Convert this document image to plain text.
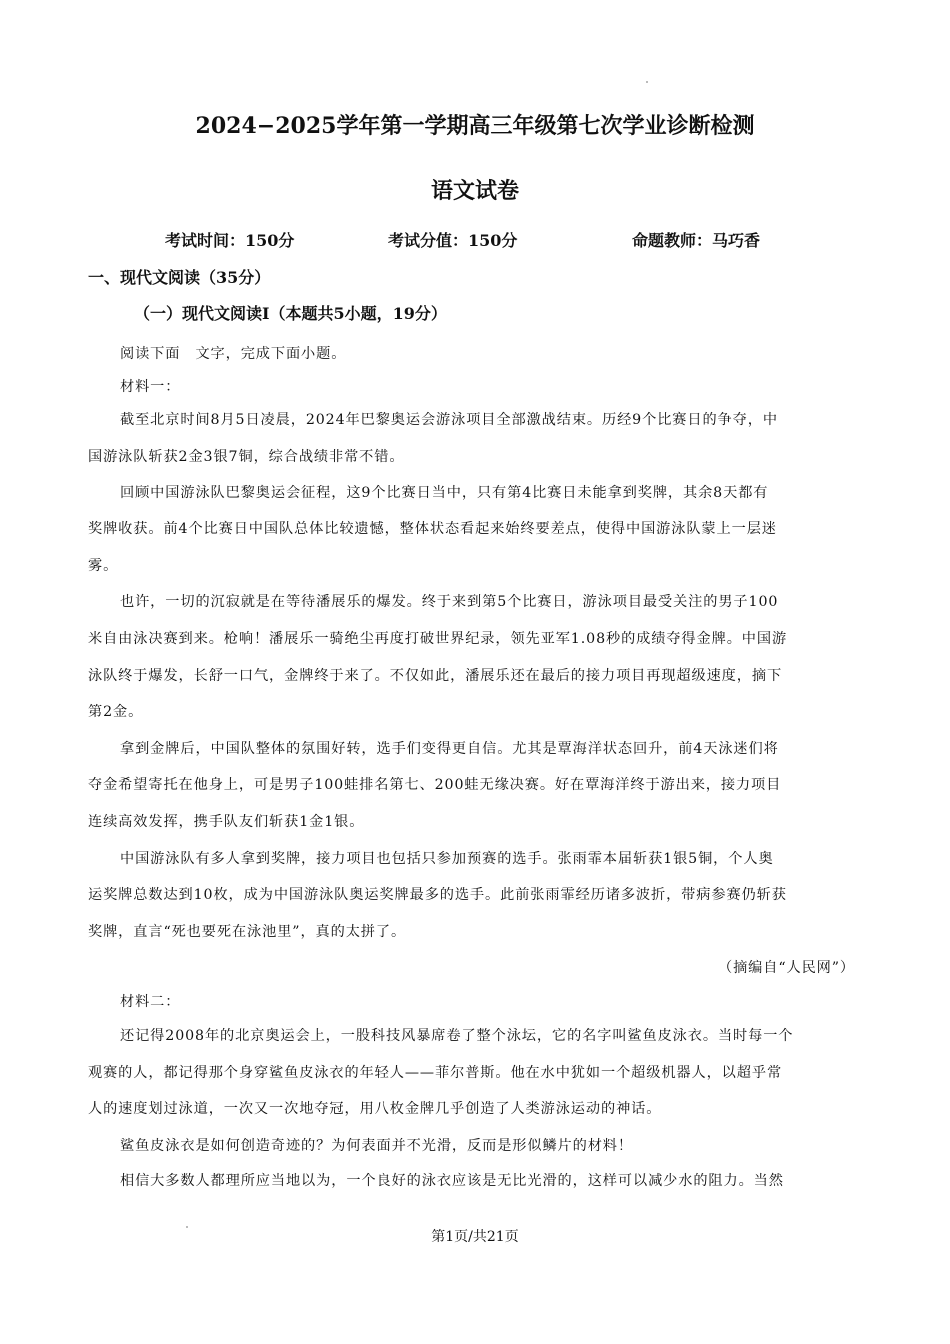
2024−2025学年第一学期高三年级第七次学业诊断检测
语文试卷
考试时间：150分	考试分值：150分	命题教师：马巧香
一、现代文阅读（35分）
（一）现代文阅读Ⅰ（本题共5小题，19分）
阅读下面　文字，完成下面小题。
材料一：
截至北京时间8月5日凌晨，2024年巴黎奥运会游泳项目全部激战结束。历经9个比赛日的争夺，中
国游泳队斩获2金3银7铜，综合战绩非常不错。
回顾中国游泳队巴黎奥运会征程，这9个比赛日当中，只有第4比赛日未能拿到奖牌，其余8天都有
奖牌收获。前4个比赛日中国队总体比较遗憾，整体状态看起来始终要差点，使得中国游泳队蒙上一层迷
雾。
也许，一切的沉寂就是在等待潘展乐的爆发。终于来到第5个比赛日，游泳项目最受关注的男子100
米自由泳决赛到来。枪响！潘展乐一骑绝尘再度打破世界纪录，领先亚军1.08秒的成绩夺得金牌。中国游
泳队终于爆发，长舒一口气，金牌终于来了。不仅如此，潘展乐还在最后的接力项目再现超级速度，摘下
第2金。
拿到金牌后，中国队整体的氛围好转，选手们变得更自信。尤其是覃海洋状态回升，前4天泳迷们将
夺金希望寄托在他身上，可是男子100蛙排名第七、200蛙无缘决赛。好在覃海洋终于游出来，接力项目
连续高效发挥，携手队友们斩获1金1银。
中国游泳队有多人拿到奖牌，接力项目也包括只参加预赛的选手。张雨霏本届斩获1银5铜，个人奥
运奖牌总数达到10枚，成为中国游泳队奥运奖牌最多的选手。此前张雨霏经历诸多波折，带病参赛仍斩获
奖牌，直言“死也要死在泳池里”，真的太拼了。
（摘编自“人民网”）
材料二：
还记得2008年的北京奥运会上，一股科技风暴席卷了整个泳坛，它的名字叫鲨鱼皮泳衣。当时每一个
观赛的人，都记得那个身穿鲨鱼皮泳衣的年轻人——菲尔普斯。他在水中犹如一个超级机器人，以超乎常
人的速度划过泳道，一次又一次地夺冠，用八枚金牌几乎创造了人类游泳运动的神话。
鲨鱼皮泳衣是如何创造奇迹的？为何表面并不光滑，反而是形似鳞片的材料！
相信大多数人都理所应当地以为，一个良好的泳衣应该是无比光滑的，这样可以减少水的阻力。当然
第1页/共21页
